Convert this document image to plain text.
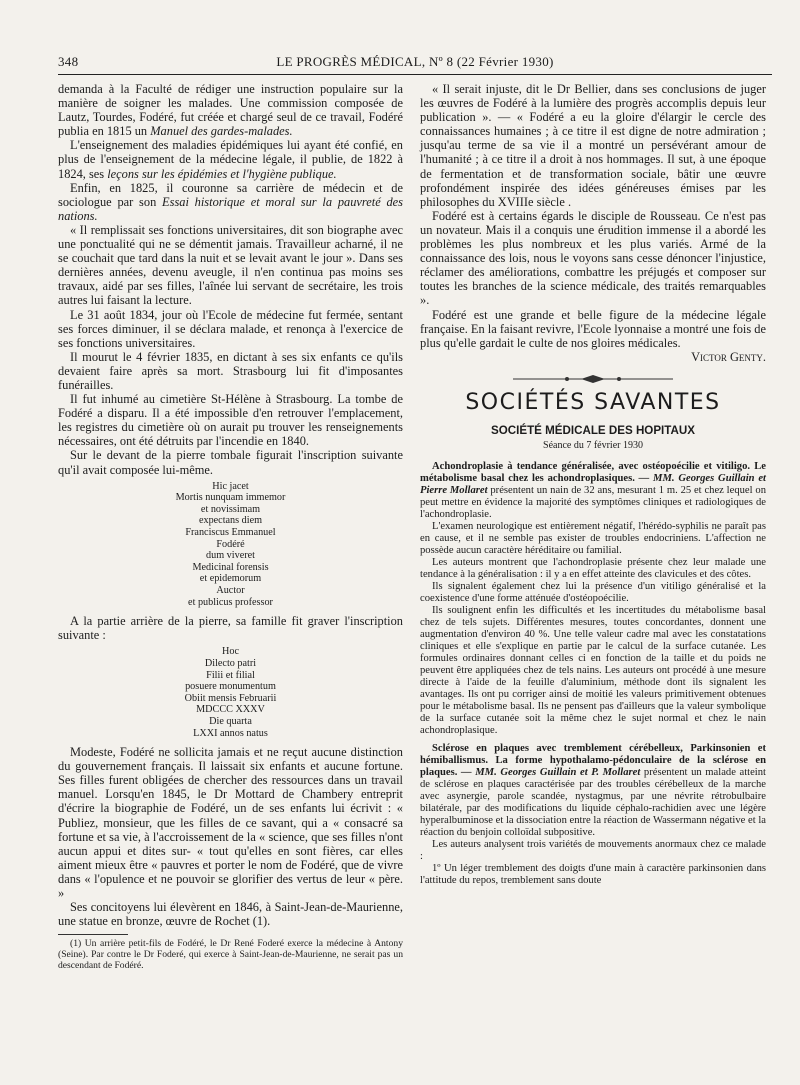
348	LE PROGRÈS MÉDICAL, Nº 8 (22 Février 1930)

demanda à la Faculté de rédiger une instruction populaire sur la manière de soigner les malades. Une commission composée de Lautz, Tourdes, Fodéré, fut créée et chargé seul de ce travail, Fodéré publia en 1815 un Manuel des gardes-malades.

L'enseignement des maladies épidémiques lui ayant été confié, en plus de l'enseignement de la médecine légale, il publie, de 1822 à 1824, ses leçons sur les épidémies et l'hygiène publique.

Enfin, en 1825, il couronne sa carrière de médecin et de sociologue par son Essai historique et moral sur la pauvreté des nations.

« Il remplissait ses fonctions universitaires, dit son biographe avec une ponctualité qui ne se démentit jamais. Travailleur acharné, il ne se couchait que tard dans la nuit et se levait avant le jour ». Dans ses dernières années, devenu aveugle, il n'en continua pas moins ses travaux, aidé par ses filles, l'aînée lui servant de secrétaire, les trois autres lui faisant la lecture.

Le 31 août 1834, jour où l'Ecole de médecine fut fermée, sentant ses forces diminuer, il se déclara malade, et renonça à l'exercice de ses fonctions universitaires.

Il mourut le 4 février 1835, en dictant à ses six enfants ce qu'ils devaient faire après sa mort. Strasbourg lui fit d'imposantes funérailles.

Il fut inhumé au cimetière St-Hélène à Strasbourg. La tombe de Fodéré a disparu. Il a été impossible d'en retrouver l'emplacement, les registres du cimetière où on aurait pu trouver les renseignements nécessaires, ont été détruits par l'incendie en 1840.

Sur le devant de la pierre tombale figurait l'inscription suivante qu'il avait composée lui-même.

Hic jacet
Mortis nunquam immemor
et novissimam
expectans diem
Franciscus Emmanuel
Fodéré
dum viveret
Medicinal forensis
et epidemorum
Auctor
et publicus professor

A la partie arrière de la pierre, sa famille fit graver l'inscription suivante :

Hoc
Dilecto patri
Filii et filial
posuere monumentum
Obiit mensis Februarii
MDCCC XXXV
Die quarta
LXXI annos natus

Modeste, Fodéré ne sollicita jamais et ne reçut aucune distinction du gouvernement français. Il laissait six enfants et aucune fortune. Ses filles furent obligées de chercher des ressources dans un travail manuel. Lorsqu'en 1845, le Dr Mottard de Chambery entreprit d'écrire la biographie de Fodéré, un de ses enfants lui écrivit : « Publiez, monsieur, que les filles de ce savant, qui a « consacré sa fortune et sa vie, à l'accroissement de la « science, que ses filles n'ont aucun appui et dites sur- « tout qu'elles en sont fières, car elles aiment mieux être « pauvres et porter le nom de Fodéré, que de vivre dans « l'opulence et ne pouvoir se glorifier des vertus de leur « père. »

Ses concitoyens lui élevèrent en 1846, à Saint-Jean-de-Maurienne, une statue en bronze, œuvre de Rochet (1).

(1) Un arrière petit-fils de Fodéré, le Dr René Foderé exerce la médecine à Antony (Seine). Par contre le Dr Foderé, qui exerce à Saint-Jean-de-Maurienne, ne serait pas un descendant de Fodéré.

« Il serait injuste, dit le Dr Bellier, dans ses conclusions de juger les œuvres de Fodéré à la lumière des progrès accomplis depuis leur publication ». — « Fodéré a eu la gloire d'élargir le cercle des connaissances humaines ; à ce titre il est digne de notre admiration ; jusqu'au terme de sa vie il a montré un persévérant amour de l'humanité ; à ce titre il a droit à nos hommages. Il sut, à une époque de fermentation et de transformation sociale, bâtir une œuvre profondément inspirée des idées généreuses émises par les philosophes du XVIIIe siècle .

Fodéré est à certains égards le disciple de Rousseau. Ce n'est pas un novateur. Mais il a conquis une érudition immense il a abordé les problèmes les plus nombreux et les plus variés. Armé de la connaissance des lois, nous le voyons sans cesse dénoncer l'injustice, réclamer des améliorations, combattre les préjugés et composer sur toutes les branches de la science médicale, des traités remarquables ».

Fodéré est une grande et belle figure de la médecine légale française. En la faisant revivre, l'Ecole lyonnaise a montré une fois de plus qu'elle gardait le culte de nos gloires médicales.

Victor Genty.

SOCIÉTÉS SAVANTES
SOCIÉTÉ MÉDICALE DES HOPITAUX
Séance du 7 février 1930

Achondroplasie à tendance généralisée, avec ostéopoécilie et vitiligo. Le métabolisme basal chez les achondroplasiques. — MM. Georges Guillain et Pierre Mollaret présentent un nain de 32 ans, mesurant 1 m. 25 et chez lequel on peut mettre en évidence la majorité des symptômes cliniques et radiologiques de l'achondroplasie.

L'examen neurologique est entièrement négatif, l'hérédo-syphilis ne paraît pas en cause, et il ne semble pas exister de troubles endocriniens. L'affection ne possède aucun caractère héréditaire ou familial.

Les auteurs montrent que l'achondroplasie présente chez leur malade une tendance à la généralisation : il y a en effet atteinte des clavicules et des côtes.

Ils signalent également chez lui la présence d'un vitiligo généralisé et la coexistence d'une forme atténuée d'ostéopoécilie.

Ils soulignent enfin les difficultés et les incertitudes du métabolisme basal chez de tels sujets. Différentes mesures, toutes concordantes, donnent une augmentation d'environ 40 %. Une telle valeur cadre mal avec les constatations cliniques et elle s'explique en partie par le calcul de la surface cutanée. Les formules ordinaires donnant celles ci en fonction de la taille et du poids ne peuvent être appliquées chez de tels nains. Les auteurs ont procédé à une mesure directe à l'aide de la feuille d'aluminium, méthode dont ils signalent les avantages. Ils ont pu corriger ainsi de moitié les valeurs primitivement obtenues pour le métabolisme basal. Ils ne pensent pas d'ailleurs que la valeur symbolique de la surface cutanée soit la même chez le sujet normal et chez le nain achondroplasique.

Sclérose en plaques avec tremblement cérébelleux, Parkinsonien et hémiballismus. La forme hypothalamo-pédonculaire de la sclérose en plaques. — MM. Georges Guillain et P. Mollaret présentent un malade atteint de sclérose en plaques caractérisée par des troubles cérébelleux de la marche avec asynergie, parole scandée, nystagmus, par une névrite rétrobulbaire bilatérale, par des modifications du liquide céphalo-rachidien avec une légère hyperalbuminose et la dissociation entre la réaction de Wassermann négative et la réaction du benjoin colloïdal subpositive.

Les auteurs analysent trois variétés de mouvements anormaux chez ce malade :

1º Un léger tremblement des doigts d'une main à caractère parkinsonien dans l'attitude du repos, tremblement sans doute
